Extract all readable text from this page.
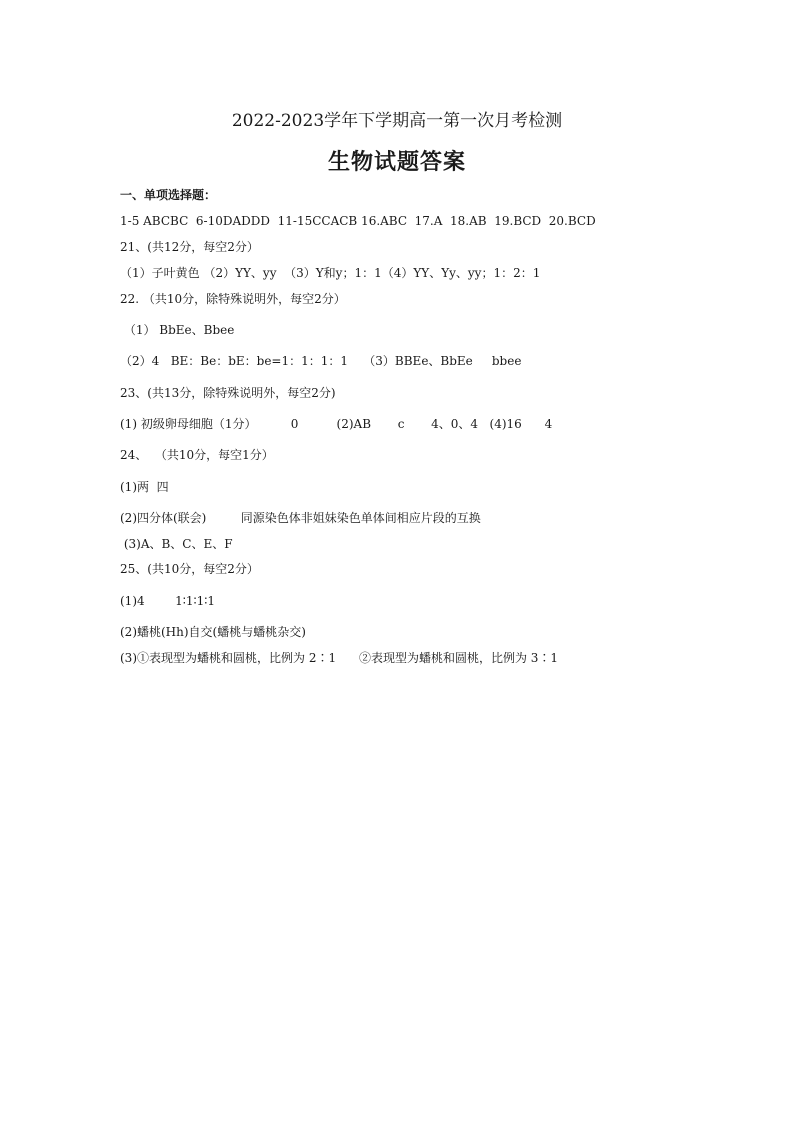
2022-2023学年下学期高一第一次月考检测
生物试题答案
一、单项选择题：
1-5 ABCBC  6-10DADDD  11-15CCACB 16.ABC  17.A  18.AB  19.BCD  20.BCD
21、(共12分，每空2分）
（1）子叶黄色 （2）YY、yy  （3）Y和y；1：1（4）YY、Yy、yy；1：2：1
22. （共10分，除特殊说明外，每空2分）
（1） BbEe、Bbee
（2）4   BE：Be：bE：be=1：1：1：1    （3）BBEe、BbEe     bbee
23、(共13分，除特殊说明外，每空2分)
(1) 初级卵母细胞（1分）         0          (2)AB       c       4、0、4   (4)16      4
24、  （共10分，每空1分）
(1)两  四
(2)四分体(联会)         同源染色体非姐妹染色单体间相应片段的互换
(3)A、B、C、E、F
25、(共10分，每空2分）
(1)4        1∶1∶1∶1
(2)蟠桃(Hh)自交(蟠桃与蟠桃杂交)
(3)①表现型为蟠桃和圆桃，比例为 2∶1      ②表现型为蟠桃和圆桃，比例为 3∶1
